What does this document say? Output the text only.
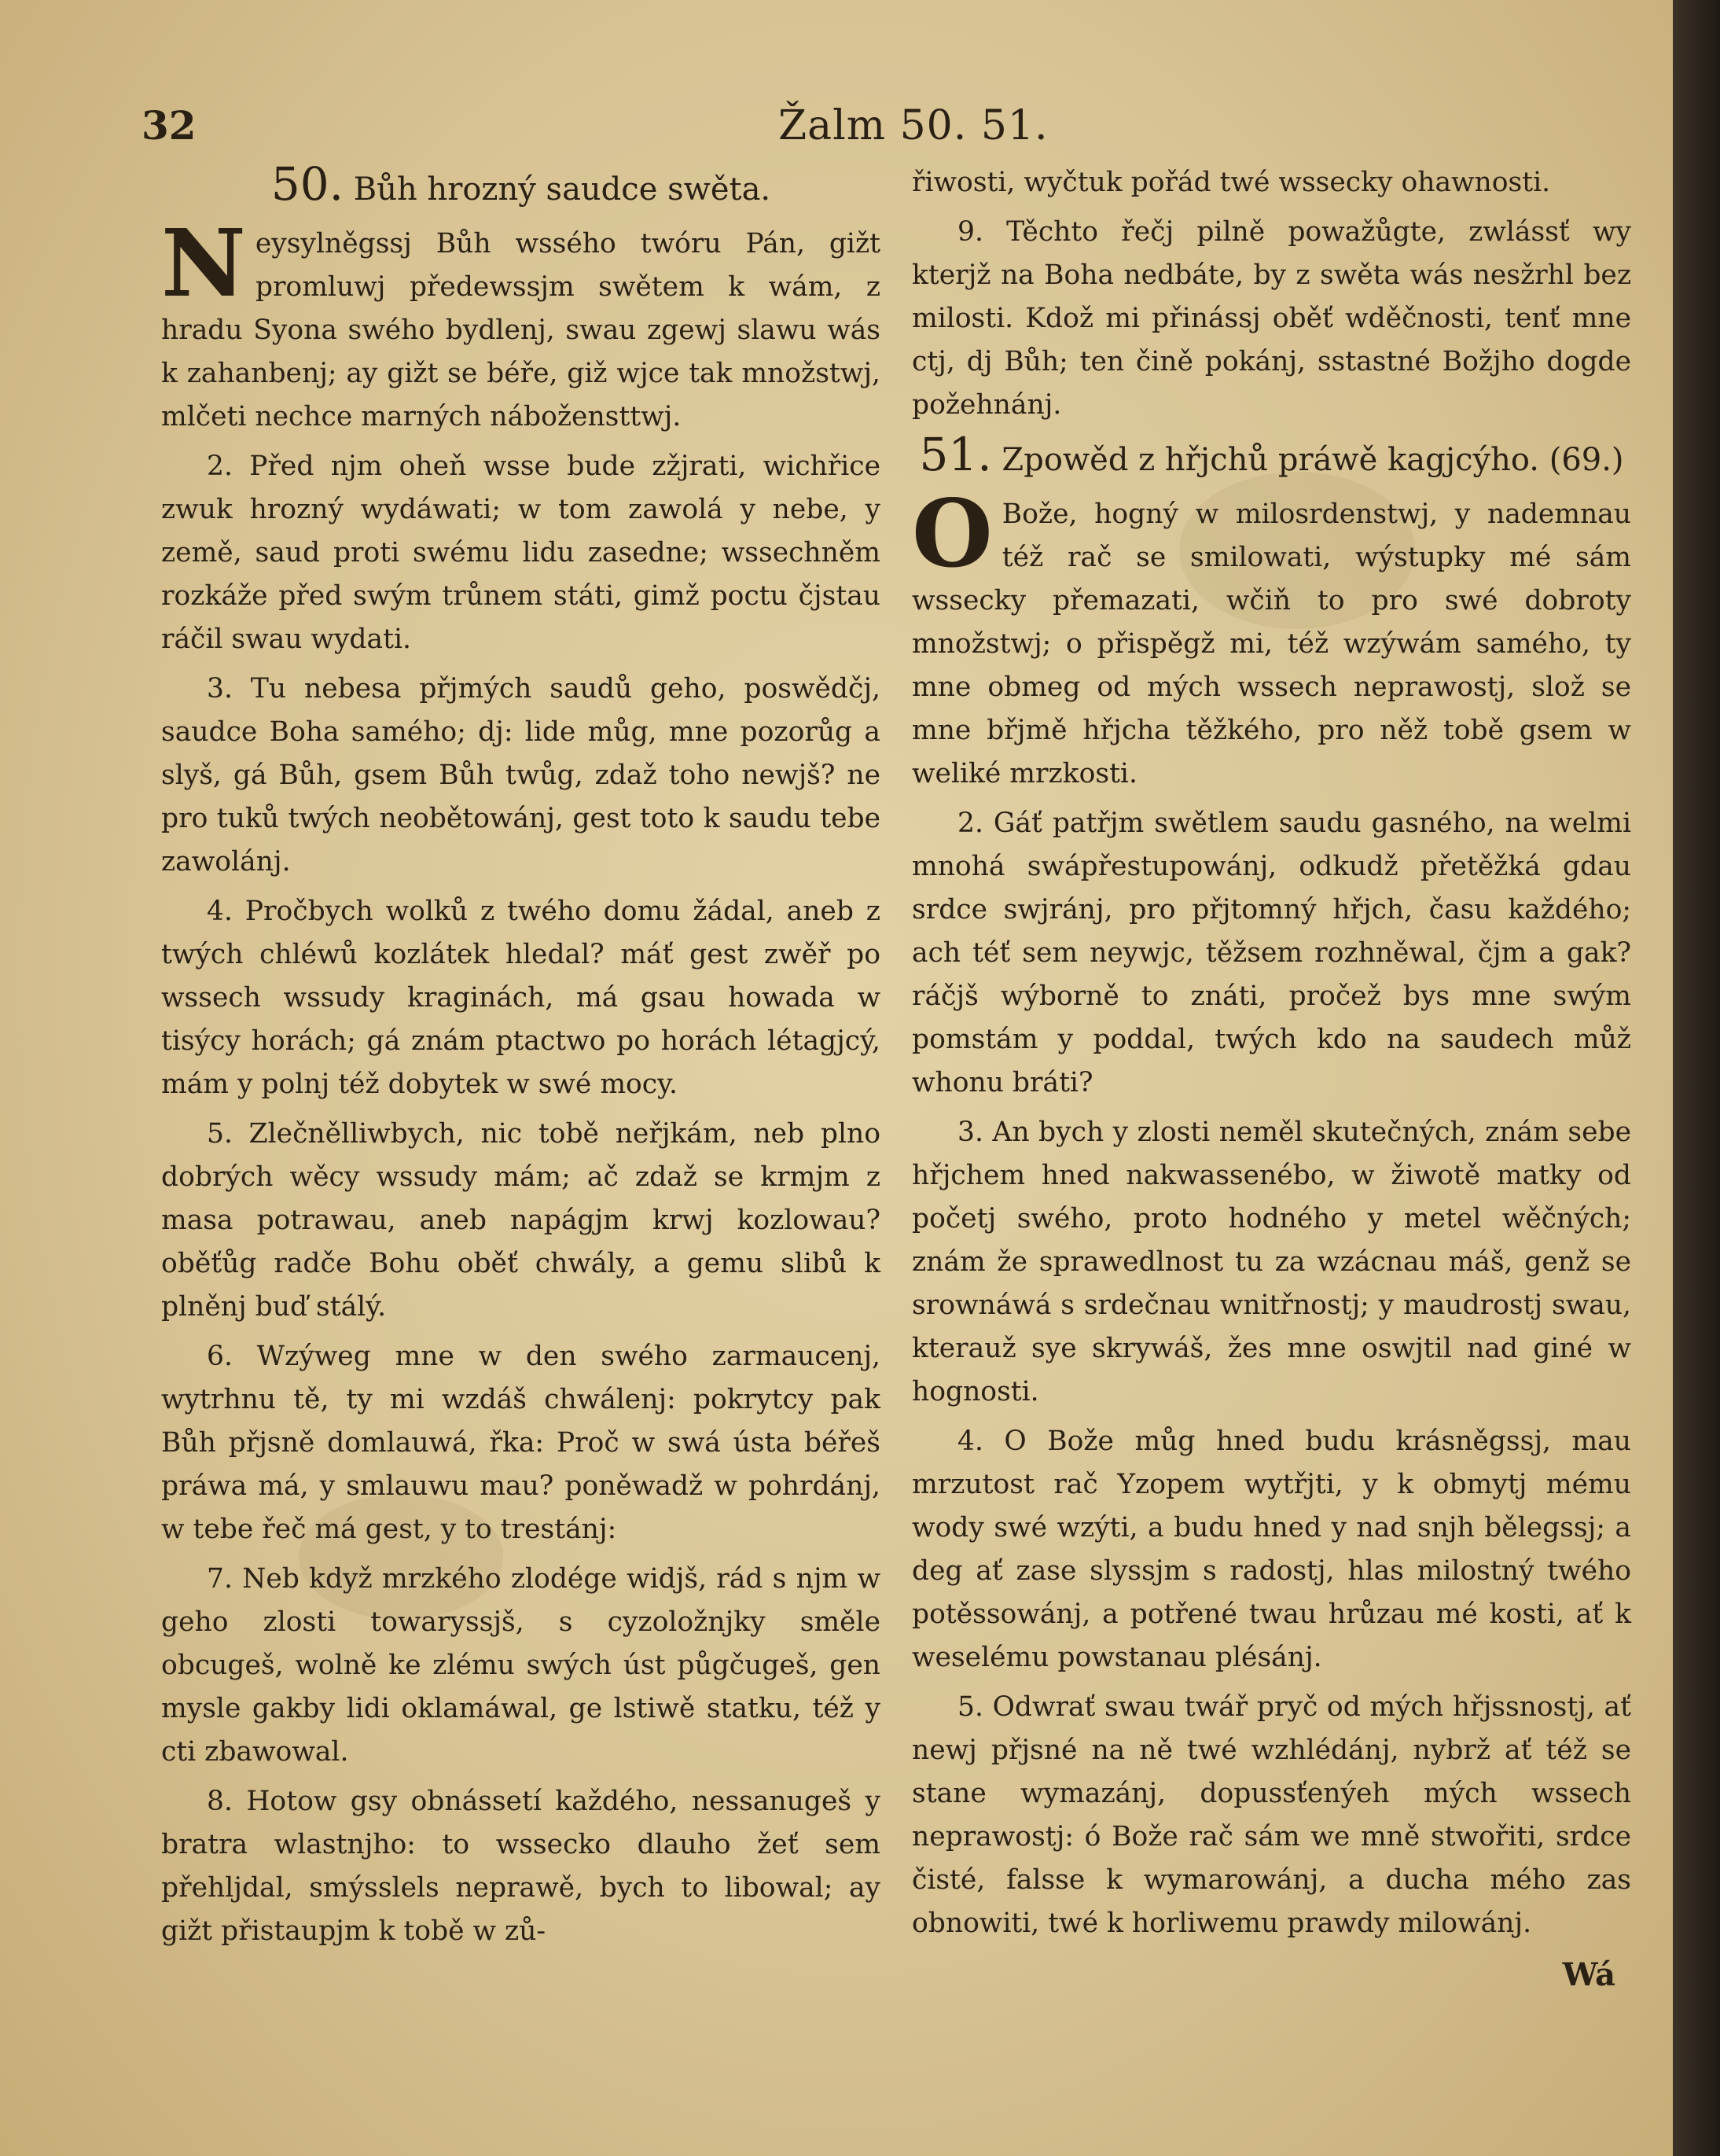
32	Žalm 50. 51.
50. Bůh hrozný saudce swěta.

Neysylněgssj Bůh wssého twóru Pán, gižt promluwj předewssjm swětem k wám, z hradu Syona swého bydlenj, swau zgewj slawu wás k zahanbenj; ay gižt se béře, giž wjce tak množstwj, mlčeti nechce marných nábožensttwj.

2. Před njm oheň wsse bude zžjrati, wichřice zwuk hrozný wydáwati; w tom zawolá y nebe, y země, saud proti swému lidu zasedne; wssechněm rozkáže před swým trůnem státi, gimž poctu čjstau ráčil swau wydati.

3. Tu nebesa přjmých saudů geho, poswědčj, saudce Boha samého; dj: lide můg, mne pozorůg a slyš, gá Bůh, gsem Bůh twůg, zdaž toho newjš? ne pro tuků twých neobětowánj, gest toto k saudu tebe zawolánj.

4. Pročbych wolků z twého domu žádal, aneb z twých chléwů kozlátek hledal? máť gest zwěř po wssech wssudy kraginách, má gsau howada w tisýcy horách; gá znám ptactwo po horách létagjcý, mám y polnj též dobytek w swé mocy.

5. Zlečnělliwbych, nic tobě neřjkám, neb plno dobrých wěcy wssudy mám; ač zdaž se krmjm z masa potrawau, aneb napágjm krwj kozlowau? oběťůg radče Bohu oběť chwály, a gemu slibů k plněnj buď stálý.

6. Wzýweg mne w den swého zarmaucenj, wytrhnu tě, ty mi wzdáš chwálenj: pokrytcy pak Bůh přjsně domlauwá, řka: Proč w swá ústa béřeš práwa má, y smlauwu mau? poněwadž w pohrdánj, w tebe řeč má gest, y to trestánj:

7. Neb když mrzkého zlodége widjš, rád s njm w geho zlosti towaryssjš, s cyzoložnjky směle obcugeš, wolně ke zlému swých úst půgčugeš, gen mysle gakby lidi oklamáwal, ge lstiwě statku, též y cti zbawowal.

8. Hotow gsy obnássetí každého, nessanugeš y bratra wlastnjho: to wssecko dlauho žeť sem přehljdal, smýsslels neprawě, bych to libowal; ay gižt přistaupjm k tobě w zů-

řiwosti, wyčtuk pořád twé wssecky ohawnosti.

9. Těchto řečj pilně powažůgte, zwlássť wy kterjž na Boha nedbáte, by z swěta wás nesžrhl bez milosti. Kdož mi přinássj oběť wděčnosti, tenť mne ctj, dj Bůh; ten čině pokánj, sstastné Božjho dogde požehnánj.

51. Zpowěd z hřjchů práwě kagjcýho. (69.)

O Bože, hogný w milosrdenstwj, y nademnau též rač se smilowati, wýstupky mé sám wssecky přemazati, wčiň to pro swé dobroty množstwj; o přispěgž mi, též wzýwám samého, ty mne obmeg od mých wssech neprawostj, slož se mne břjmě hřjcha těžkého, pro něž tobě gsem w weliké mrzkosti.

2. Gáť patřjm swětlem saudu gasného, na welmi mnohá swápřestupowánj, odkudž přetěžká gdau srdce swjránj, pro přjtomný hřjch, času každého; ach téť sem neywjc, těžsem rozhněwal, čjm a gak? ráčjš wýborně to znáti, pročež bys mne swým pomstám y poddal, twých kdo na saudech můž whonu bráti?

3. An bych y zlosti neměl skutečných, znám sebe hřjchem hned nakwassenébo, w žiwotě matky od početj swého, proto hodného y metel wěčných; znám že sprawedlnost tu za wzácnau máš, genž se srownáwá s srdečnau wnitřnostj; y maudrostj swau, kterauž sye skrywáš, žes mne oswjtil nad giné w hognosti.

4. O Bože můg hned budu krásněgssj, mau mrzutost rač Yzopem wytřjti, y k obmytj mému wody swé wzýti, a budu hned y nad snjh bělegssj; a deg ať zase slyssjm s radostj, hlas milostný twého potěssowánj, a potřené twau hrůzau mé kosti, ať k weselému powstanau plésánj.

5. Odwrať swau twář pryč od mých hřjssnostj, ať newj přjsné na ně twé wzhlédánj, nybrž ať též se stane wymazánj, dopussťenýeh mých wssech neprawostj: ó Bože rač sám we mně stwořiti, srdce čisté, falsse k wymarowánj, a ducha mého zas obnowiti, twé k horliwemu prawdy milowánj.

Wá
